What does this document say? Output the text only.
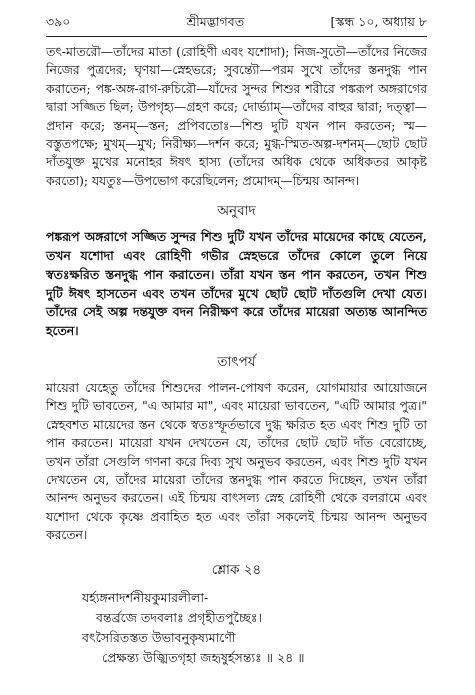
৩৯০	শ্রীমদ্ভাগবত	[স্কন্ধ ১০, অধ্যায় ৮

তৎ-মাতরৌ—তাঁদের মাতা (রোহিণী এবং যশোদা); নিজ-সুতৌ—তাঁদের নিজের নিজের পুত্রদের; ঘৃণয়া—স্নেহভরে; সুবন্ত্যৌ—পরম সুখে তাঁদের স্তনদুগ্ধ পান করাতেন; পঙ্ক-অঙ্গ-রাগ-রুচিরৌ—যাঁদের সুন্দর শিশুর শরীরে পঙ্করূপ অঙ্গরাগের দ্বারা সজ্জিত ছিল; উপগৃহ্য—গ্রহণ করে; দোর্ভ্যাম্—তাঁদের বাহুর দ্বারা; দত্ত্বা—প্রদান করে; স্তনম্—স্তন; প্রপিবতোঃ—শিশু দুটি যখন পান করতেন; স্ম—বস্তুতপক্ষে; মুখম্—মুখ; নিরীক্ষ্য—দর্শন করে; মুগ্ধ-স্মিত-অল্প-দশনম্—ছোট ছোট দাঁতযুক্ত মুখের মনোহর ঈষৎ হাস্য (তাঁদের অধিক থেকে অধিকতর আকৃষ্ট করতো); যযতুঃ—উপভোগ করেছিলেন; প্রমোদম্—চিন্ময় আনন্দ।

অনুবাদ

পঙ্করূপ অঙ্গরাগে সজ্জিত সুন্দর শিশু দুটি যখন তাঁদের মায়েদের কাছে যেতেন, তখন যশোদা এবং রোহিণী গভীর স্নেহভরে তাঁদের কোলে তুলে নিয়ে স্বতঃক্ষরিত স্তনদুগ্ধ পান করাতেন। তাঁরা যখন স্তন পান করতেন, তখন শিশু দুটি ঈষৎ হাসতেন এবং তখন তাঁদের মুখে ছোট ছোট দাঁতগুলি দেখা যেত। তাঁদের সেই অল্প দন্তযুক্ত বদন নিরীক্ষণ করে তাঁদের মায়েরা অত্যন্ত আনন্দিত হতেন।

তাৎপর্য

মায়েরা যেহেতু তাঁদের শিশুদের পালন-পোষণ করেন, যোগমায়ার আয়োজনে শিশু দুটি ভাবতেন, "এ আমার মা", এবং মায়েরা ভাবতেন, "এটি আমার পুত্র।" স্নেহবশত মায়েদের স্তন থেকে স্বতঃস্ফূর্তভাবে দুগ্ধ ক্ষরিত হত এবং শিশু দুটি তা পান করতেন। মায়েরা যখন দেখতেন যে, তাঁদের ছোট ছোট দাঁত বেরোচ্ছে, তখন তাঁরা সেগুলি গণনা করে দিব্য সুখ অনুভব করতেন, এবং শিশু দুটি যখন দেখতেন যে, তাঁদের মায়েরা তাঁদের স্তনদুগ্ধ পান করতে দিচ্ছেন, তখন তাঁরা আনন্দ অনুভব করতেন। এই চিন্ময় বাৎসল্য স্নেহ রোহিণী থেকে বলরামে এবং যশোদা থেকে কৃষ্ণে প্রবাহিত হত এবং তাঁরা সকলেই চিন্ময় আনন্দ অনুভব করতেন।

শ্লোক ২৪

যর্হ্যঙ্গনাদর্শনীয়কুমারলীলা-

বন্তর্ব্রজে তদবলাঃ প্রগৃহীতপুচ্ছৈঃ।

বৎসৈরিতস্তত উভাবনুকৃষ্যমাণৌ

প্রেক্ষন্ত্য উজ্ঝিতগৃহা জহৃষুর্হসন্ত্যঃ ॥ ২৪ ॥
